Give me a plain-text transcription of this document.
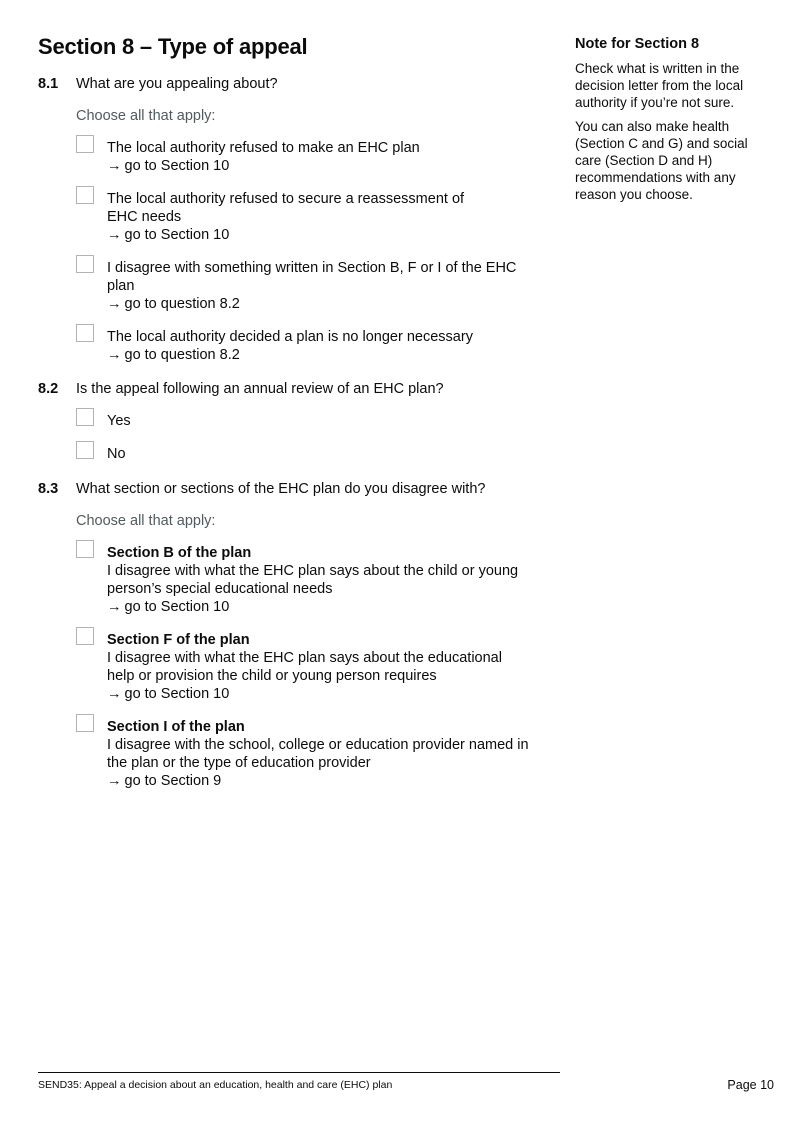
Section 8 – Type of appeal
8.1 What are you appealing about?
Choose all that apply:
The local authority refused to make an EHC plan
→ go to Section 10
The local authority refused to secure a reassessment of EHC needs
→ go to Section 10
I disagree with something written in Section B, F or I of the EHC plan
→ go to question 8.2
The local authority decided a plan is no longer necessary
→ go to question 8.2
8.2 Is the appeal following an annual review of an EHC plan?
Yes
No
8.3 What section or sections of the EHC plan do you disagree with?
Choose all that apply:
Section B of the plan
I disagree with what the EHC plan says about the child or young person’s special educational needs
→ go to Section 10
Section F of the plan
I disagree with what the EHC plan says about the educational help or provision the child or young person requires
→ go to Section 10
Section I of the plan
I disagree with the school, college or education provider named in the plan or the type of education provider
→ go to Section 9

Note for Section 8

Check what is written in the decision letter from the local authority if you’re not sure.

You can also make health (Section C and G) and social care (Section D and H) recommendations with any reason you choose.

SEND35: Appeal a decision about an education, health and care (EHC) plan	Page 10
